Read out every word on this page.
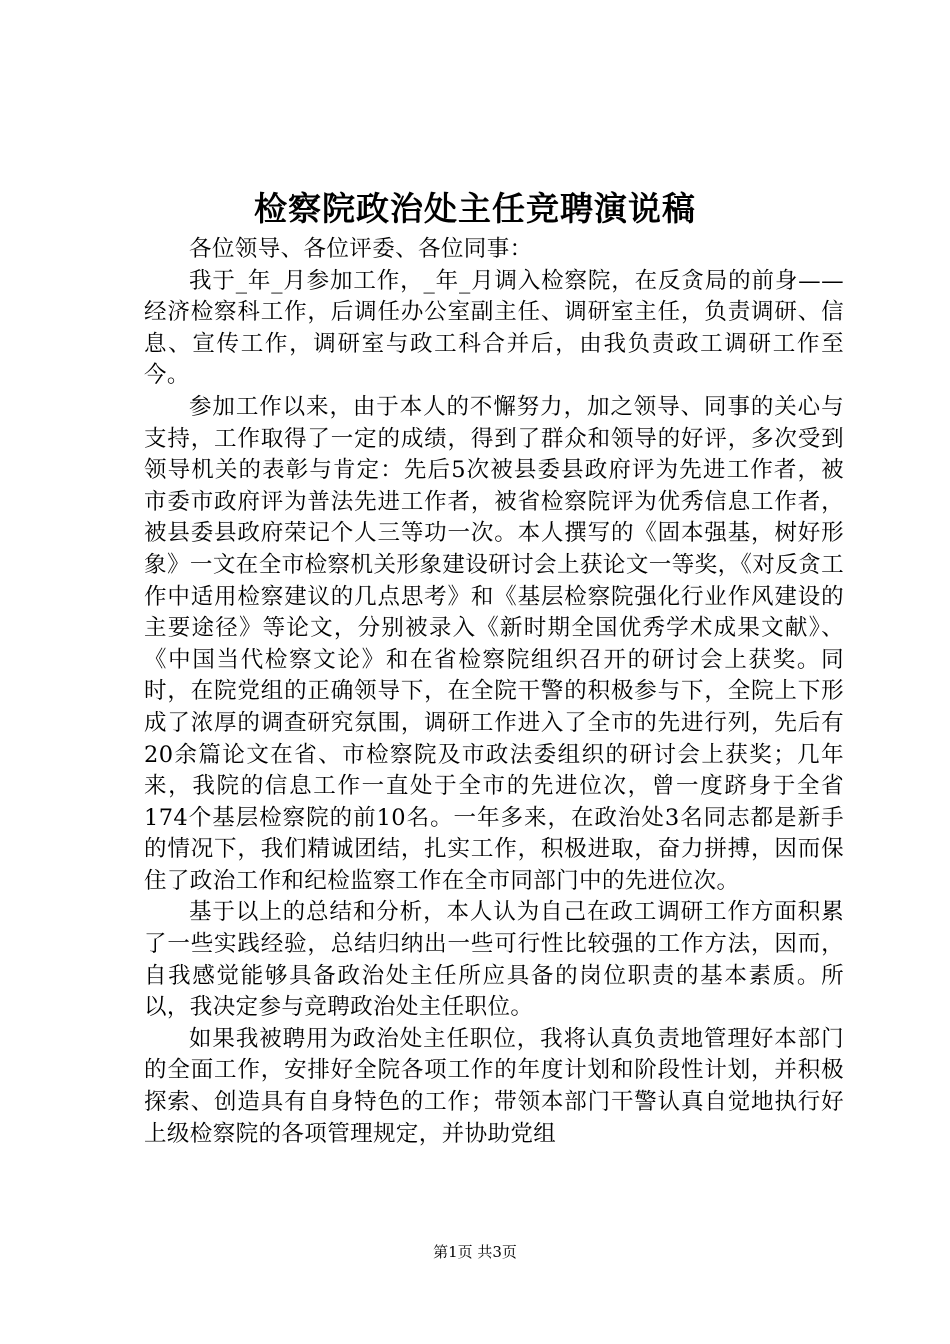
检察院政治处主任竞聘演说稿

各位领导、各位评委、各位同事：

我于_年_月参加工作，_年_月调入检察院，在反贪局的前身——经济检察科工作，后调任办公室副主任、调研室主任，负责调研、信息、宣传工作，调研室与政工科合并后，由我负责政工调研工作至今。

参加工作以来，由于本人的不懈努力，加之领导、同事的关心与支持，工作取得了一定的成绩，得到了群众和领导的好评，多次受到领导机关的表彰与肯定：先后5次被县委县政府评为先进工作者，被市委市政府评为普法先进工作者，被省检察院评为优秀信息工作者，被县委县政府荣记个人三等功一次。本人撰写的《固本强基，树好形象》一文在全市检察机关形象建设研讨会上获论文一等奖，《对反贪工作中适用检察建议的几点思考》和《基层检察院强化行业作风建设的主要途径》等论文，分别被录入《新时期全国优秀学术成果文献》、《中国当代检察文论》和在省检察院组织召开的研讨会上获奖。同时，在院党组的正确领导下，在全院干警的积极参与下，全院上下形成了浓厚的调查研究氛围，调研工作进入了全市的先进行列，先后有20余篇论文在省、市检察院及市政法委组织的研讨会上获奖；几年来，我院的信息工作一直处于全市的先进位次，曾一度跻身于全省174个基层检察院的前10名。一年多来，在政治处3名同志都是新手的情况下，我们精诚团结，扎实工作，积极进取，奋力拼搏，因而保住了政治工作和纪检监察工作在全市同部门中的先进位次。

基于以上的总结和分析，本人认为自己在政工调研工作方面积累了一些实践经验，总结归纳出一些可行性比较强的工作方法，因而，自我感觉能够具备政治处主任所应具备的岗位职责的基本素质。所以，我决定参与竞聘政治处主任职位。

如果我被聘用为政治处主任职位，我将认真负责地管理好本部门的全面工作，安排好全院各项工作的年度计划和阶段性计划，并积极探索、创造具有自身特色的工作；带领本部门干警认真自觉地执行好上级检察院的各项管理规定，并协助党组

第1页 共3页
